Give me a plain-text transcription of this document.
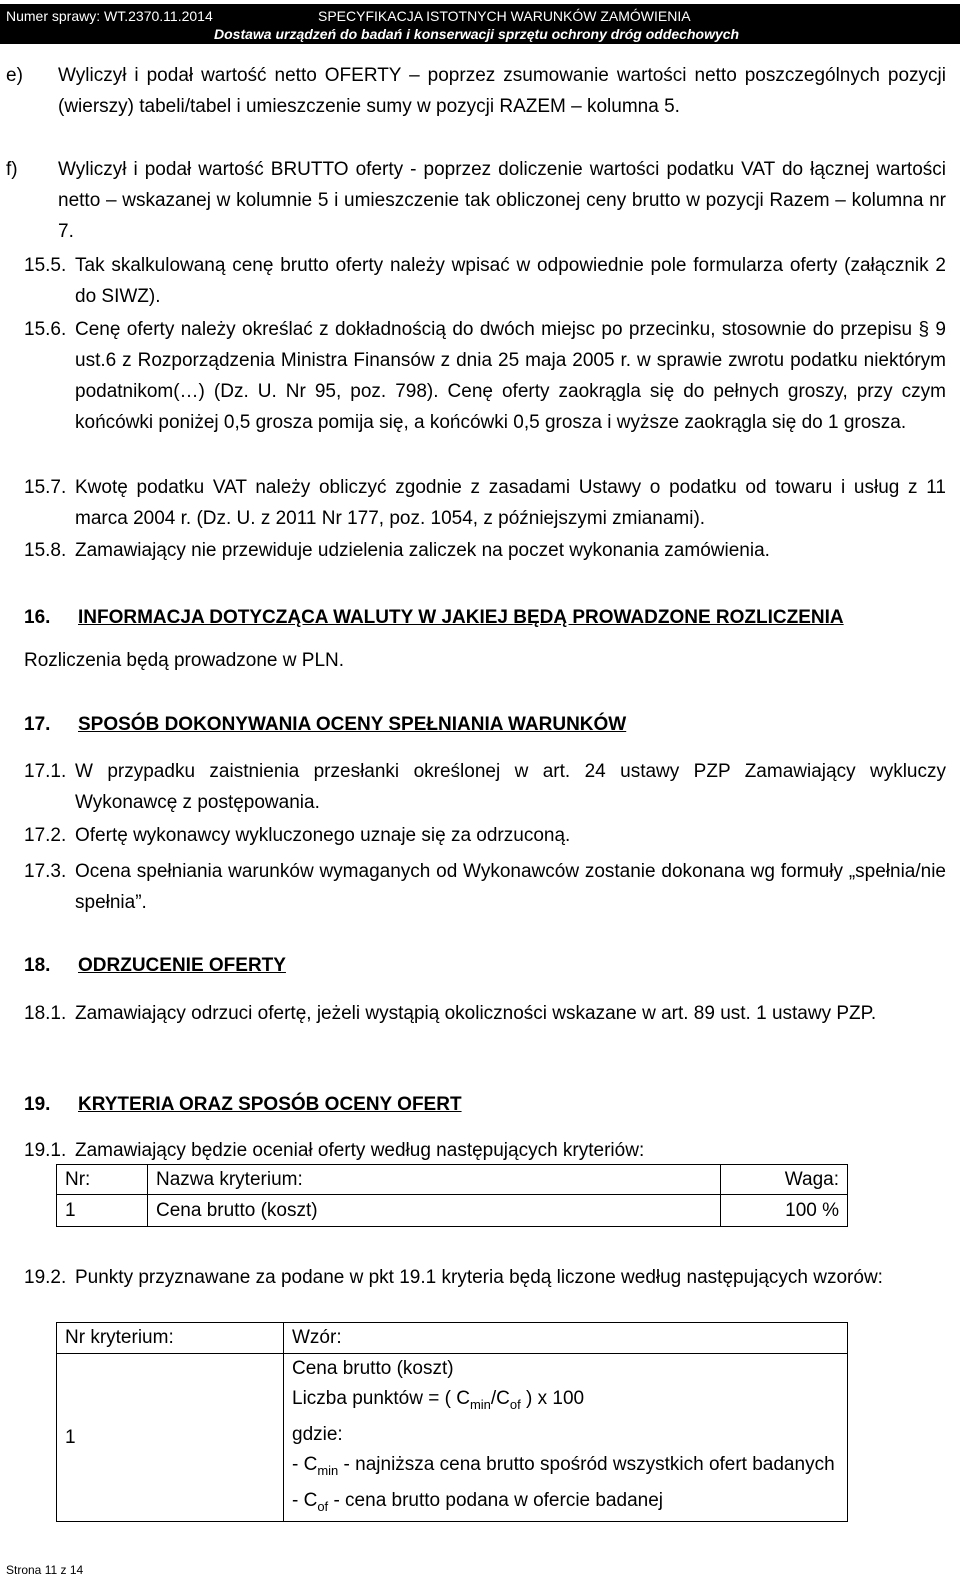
Numer sprawy: WT.2370.11.2014	SPECYFIKACJA ISTOTNYCH WARUNKÓW ZAMÓWIENIA
Dostawa urządzeń do badań i konserwacji sprzętu ochrony dróg oddechowych
e) Wyliczył i podał wartość netto OFERTY – poprzez zsumowanie wartości netto poszczególnych pozycji (wierszy) tabeli/tabel i umieszczenie sumy w pozycji RAZEM – kolumna 5.
f) Wyliczył i podał wartość BRUTTO oferty - poprzez doliczenie wartości podatku VAT do łącznej wartości netto – wskazanej w kolumnie 5 i umieszczenie tak obliczonej ceny brutto w pozycji Razem – kolumna nr 7.
15.5. Tak skalkulowaną cenę brutto oferty należy wpisać w odpowiednie pole formularza oferty (załącznik 2 do SIWZ).
15.6. Cenę oferty należy określać z dokładnością do dwóch miejsc po przecinku, stosownie do przepisu § 9 ust.6 z Rozporządzenia Ministra Finansów z dnia 25 maja 2005 r. w sprawie zwrotu podatku niektórym podatnikom(…) (Dz. U. Nr 95, poz. 798). Cenę oferty zaokrągla się do pełnych groszy, przy czym końcówki poniżej 0,5 grosza pomija się, a końcówki 0,5 grosza i wyższe zaokrągla się do 1 grosza.
15.7. Kwotę podatku VAT należy obliczyć zgodnie z zasadami Ustawy o podatku od towaru i usług z 11 marca 2004 r. (Dz. U. z 2011 Nr 177, poz. 1054, z późniejszymi zmianami).
15.8. Zamawiający nie przewiduje udzielenia zaliczek na poczet wykonania zamówienia.
16. INFORMACJA DOTYCZĄCA WALUTY W JAKIEJ BĘDĄ PROWADZONE ROZLICZENIA
Rozliczenia będą prowadzone w PLN.
17. SPOSÓB DOKONYWANIA OCENY SPEŁNIANIA WARUNKÓW
17.1. W przypadku zaistnienia przesłanki określonej w art. 24 ustawy PZP Zamawiający wykluczy Wykonawcę z postępowania.
17.2. Ofertę wykonawcy wykluczonego uznaje się za odrzuconą.
17.3. Ocena spełniania warunków wymaganych od Wykonawców zostanie dokonana wg formuły „spełnia/nie spełnia”.
18. ODRZUCENIE OFERTY
18.1. Zamawiający odrzuci ofertę, jeżeli wystąpią okoliczności wskazane w art. 89 ust. 1 ustawy PZP.
19. KRYTERIA ORAZ SPOSÓB OCENY OFERT
19.1. Zamawiający będzie oceniał oferty według następujących kryteriów:
Nr:	Nazwa kryterium:	Waga:
1	Cena brutto (koszt)	100 %
19.2. Punkty przyznawane za podane w pkt 19.1 kryteria będą liczone według następujących wzorów:
Nr kryterium:	Wzór:
1	Cena brutto (koszt)
Liczba punktów = ( $C_{min}/C_{of}$ ) x 100
gdzie:
- $C_{min}$ - najniższa cena brutto spośród wszystkich ofert badanych
- $C_{of}$ - cena brutto podana w ofercie badanej
Strona 11 z 14
